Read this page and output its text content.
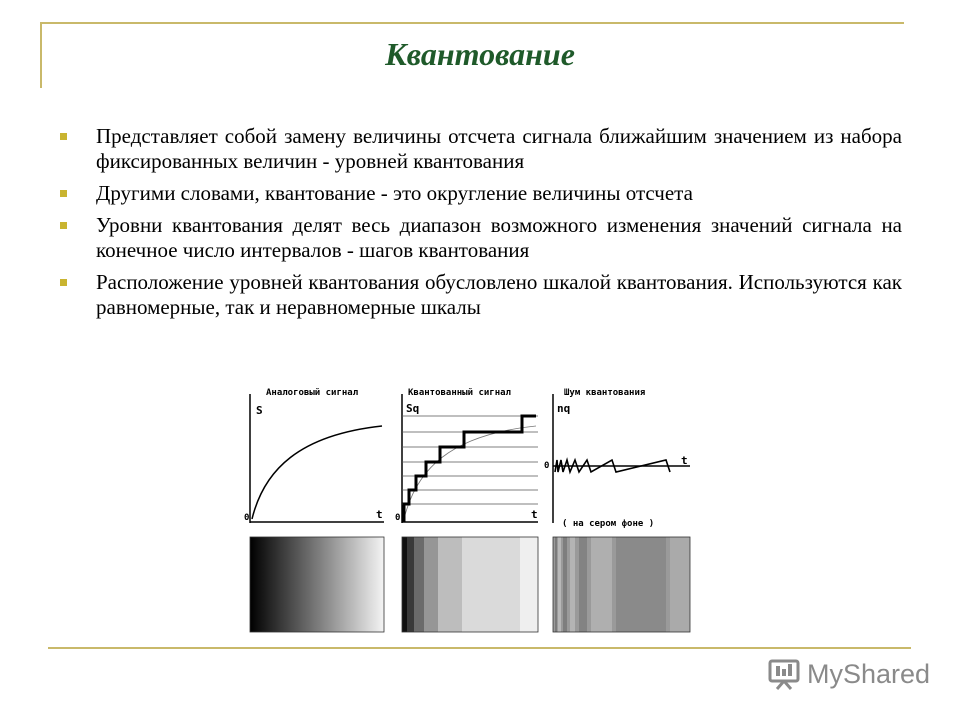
Квантование
Представляет собой замену величины отсчета сигнала ближайшим значением из набора фиксированных величин - уровней квантования
Другими словами, квантование - это округление величины отсчета
Уровни квантования делят весь диапазон возможного изменения значений сигнала на конечное число интервалов - шагов квантования
Расположение уровней квантования обусловлено шкалой квантования. Используются как равномерные, так и неравномерные шкалы
Аналоговый сигнал
S
t
0
Квантованный сигнал
Sq
t
0
Шум квантования
nq
t
0
( на сером фоне )
MyShared
